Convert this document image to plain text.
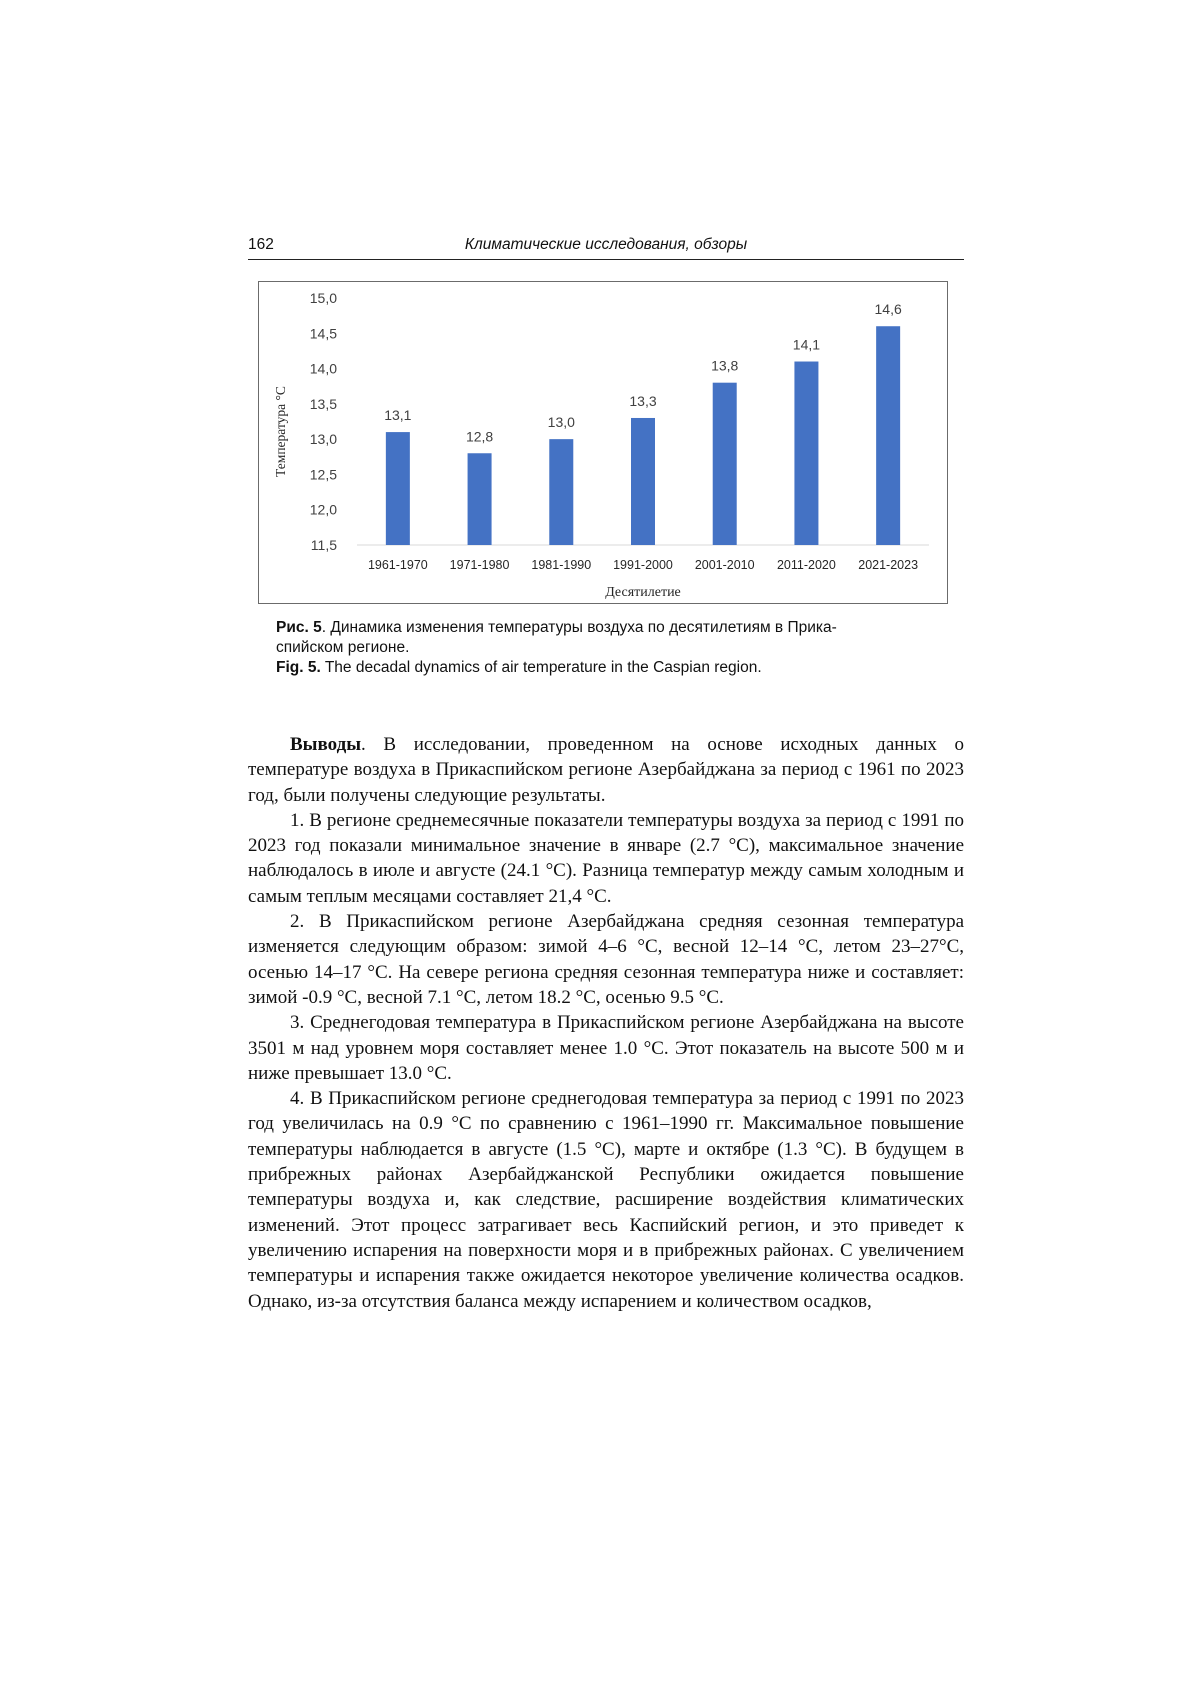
162	Климатические исследования, обзоры
11,5
12,0
12,5
13,0
13,5
14,0
14,5
15,0
13,1
12,8
13,0
13,3
13,8
14,1
14,6
1961-1970 1971-1980 1981-1990 1991-2000 2001-2010 2011-2020 2021-2023
Температура °C
Десятилетие

Рис. 5. Динамика изменения температуры воздуха по десятилетиям в Прика-

спийском регионе.

Fig. 5. The decadal dynamics of air temperature in the Caspian region.

Выводы. В исследовании, проведенном на основе исходных данных о температуре воздуха в Прикаспийском регионе Азербайджана за период с 1961 по 2023 год, были получены следующие результаты.

1. В регионе среднемесячные показатели температуры воздуха за период с 1991 по 2023 год показали минимальное значение в январе (2.7 °С), максимальное значение наблюдалось в июле и августе (24.1 °С). Разница температур между самым холодным и самым теплым месяцами составляет 21,4 °С.

2. В Прикаспийском регионе Азербайджана средняя сезонная температура изменяется следующим образом: зимой 4–6 °С, весной 12–14 °С, летом 23–27°С, осенью 14–17 °С. На севере региона средняя сезонная температура ниже и составляет: зимой -0.9 °С, весной 7.1 °С, летом 18.2 °С, осенью 9.5 °С.

3. Среднегодовая температура в Прикаспийском регионе Азербайджана на высоте 3501 м над уровнем моря составляет менее 1.0 °С. Этот показатель на высоте 500 м и ниже превышает 13.0 °С.

4. В Прикаспийском регионе среднегодовая температура за период с 1991 по 2023 год увеличилась на 0.9 °С по сравнению с 1961–1990 гг. Максимальное повышение температуры наблюдается в августе (1.5 °С), марте и октябре (1.3 °С). В будущем в прибрежных районах Азербайджанской Республики ожидается повышение температуры воздуха и, как следствие, расширение воздействия климатических изменений. Этот процесс затрагивает весь Каспийский регион, и это приведет к увеличению испарения на поверхности моря и в прибрежных районах. С увеличением температуры и испарения также ожидается некоторое увеличение количества осадков. Однако, из-за отсутствия баланса между испарением и количеством осадков,
